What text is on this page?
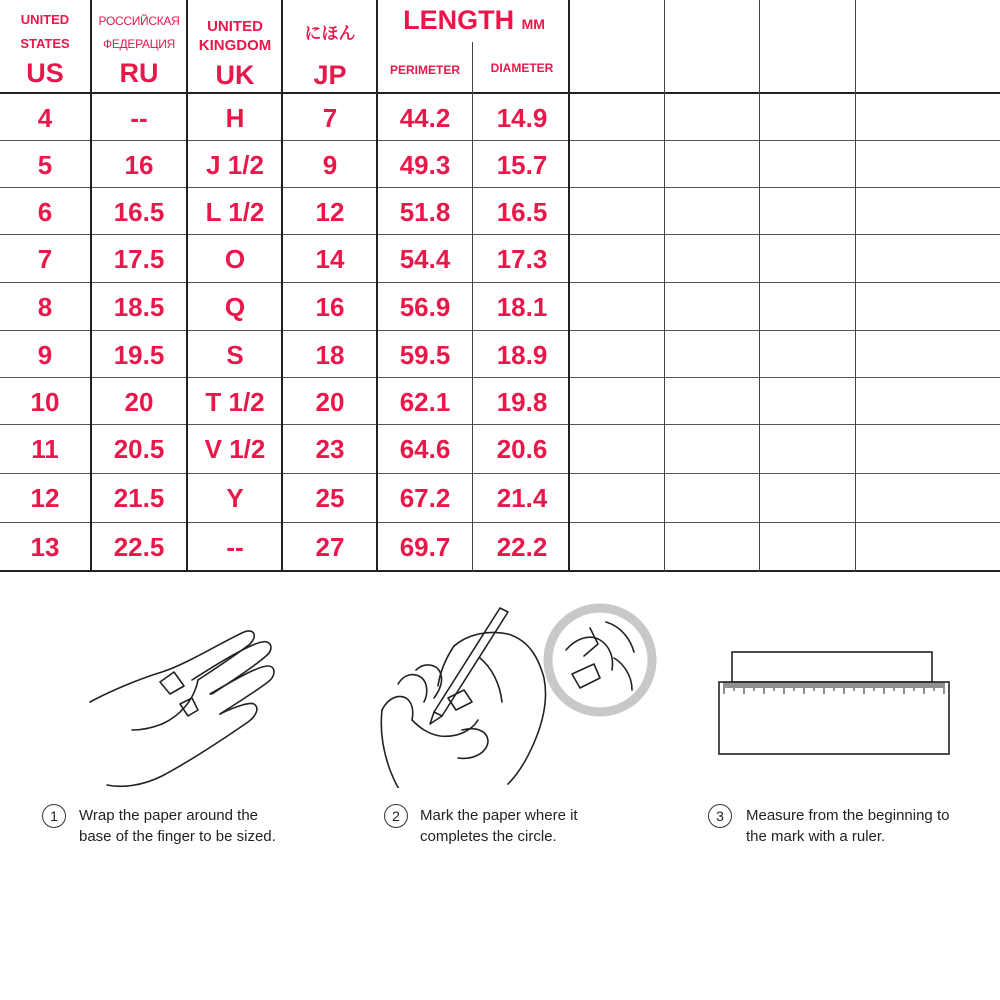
UNITED
STATES
US
РОССИЙСКАЯ
ФЕДЕРАЦИЯ
RU
UNITED
KINGDOM
UK
にほん
JP
LENGTH MM
PERIMETER	DIAMETER
4	--	H	7	44.2	14.9
5	16	J 1/2	9	49.3	15.7
6	16.5	L 1/2	12	51.8	16.5
7	17.5	O	14	54.4	17.3
8	18.5	Q	16	56.9	18.1
9	19.5	S	18	59.5	18.9
10	20	T 1/2	20	62.1	19.8
11	20.5	V 1/2	23	64.6	20.6
12	21.5	Y	25	67.2	21.4
13	22.5	--	27	69.7	22.2
1	Wrap the paper around the
base of the finger to be sized.
2	Mark the paper where it
completes the circle.
3	Measure from the beginning to
the mark with a ruler.
